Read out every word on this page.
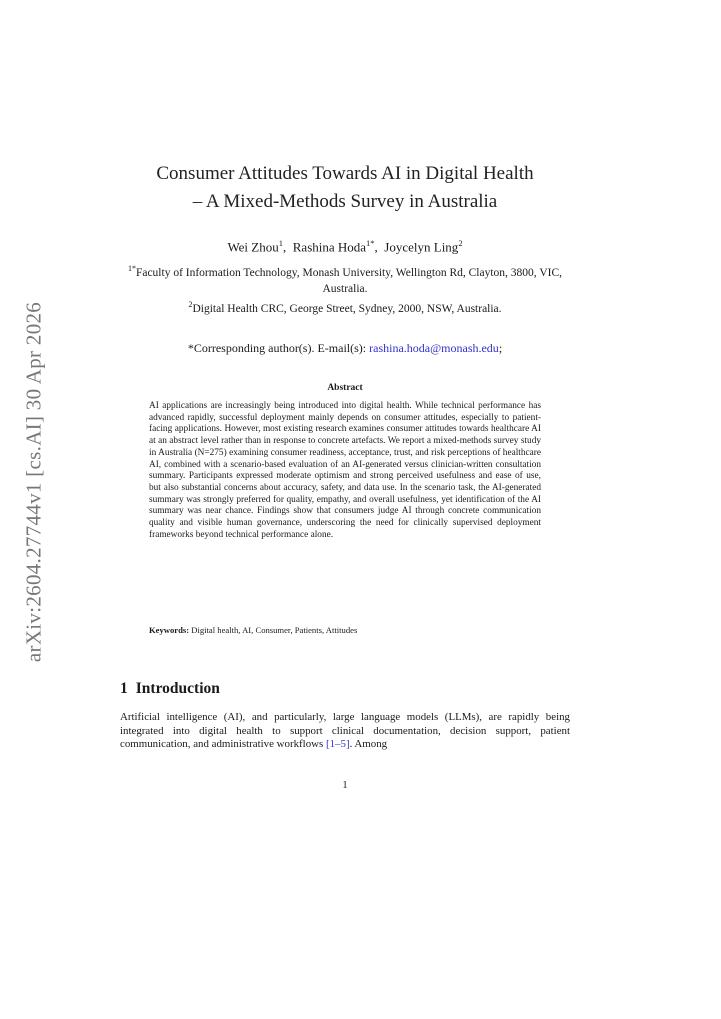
arXiv:2604.27744v1 [cs.AI] 30 Apr 2026
Consumer Attitudes Towards AI in Digital Health
– A Mixed-Methods Survey in Australia
Wei Zhou$^1$,  Rashina Hoda$^{1*}$,  Joycelyn Ling$^2$
$^{1*}$Faculty of Information Technology, Monash University, Wellington Rd, Clayton, 3800, VIC, Australia.
$^2$Digital Health CRC, George Street, Sydney, 2000, NSW, Australia.
*Corresponding author(s). E-mail(s): rashina.hoda@monash.edu;
Abstract

AI applications are increasingly being introduced into digital health. While technical performance has advanced rapidly, successful deployment mainly depends on consumer attitudes, especially to patient-facing applications. However, most existing research examines consumer attitudes towards healthcare AI at an abstract level rather than in response to concrete artefacts. We report a mixed-methods survey study in Australia (N=275) examining consumer readiness, acceptance, trust, and risk perceptions of healthcare AI, combined with a scenario-based evaluation of an AI-generated versus clinician-written consultation summary. Participants expressed moderate optimism and strong perceived usefulness and ease of use, but also substantial concerns about accuracy, safety, and data use. In the scenario task, the AI-generated summary was strongly preferred for quality, empathy, and overall usefulness, yet identification of the AI summary was near chance. Findings show that consumers judge AI through concrete communication quality and visible human governance, underscoring the need for clinically supervised deployment frameworks beyond technical performance alone.

Keywords: Digital health, AI, Consumer, Patients, Attitudes
1 Introduction

Artificial intelligence (AI), and particularly, large language models (LLMs), are rapidly being integrated into digital health to support clinical documentation, decision support, patient communication, and administrative workflows [1–5]. Among

1
